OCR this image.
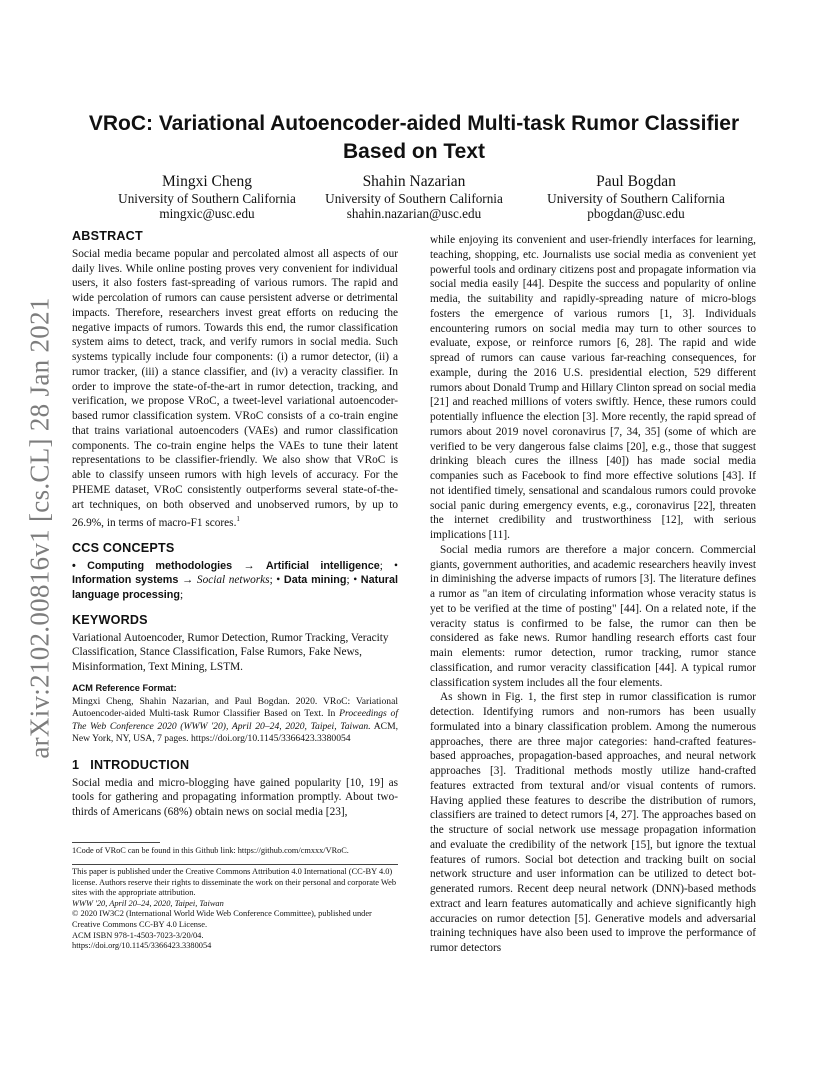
arXiv:2102.00816v1 [cs.CL] 28 Jan 2021
VRoC: Variational Autoencoder-aided Multi-task Rumor Classifier Based on Text
Mingxi Cheng
University of Southern California
mingxic@usc.edu
Shahin Nazarian
University of Southern California
shahin.nazarian@usc.edu
Paul Bogdan
University of Southern California
pbogdan@usc.edu
ABSTRACT

Social media became popular and percolated almost all aspects of our daily lives. While online posting proves very convenient for individual users, it also fosters fast-spreading of various rumors. The rapid and wide percolation of rumors can cause persistent adverse or detrimental impacts. Therefore, researchers invest great efforts on reducing the negative impacts of rumors. Towards this end, the rumor classification system aims to detect, track, and verify rumors in social media. Such systems typically include four components: (i) a rumor detector, (ii) a rumor tracker, (iii) a stance classifier, and (iv) a veracity classifier. In order to improve the state-of-the-art in rumor detection, tracking, and verification, we propose VRoC, a tweet-level variational autoencoder-based rumor classification system. VRoC consists of a co-train engine that trains variational autoencoders (VAEs) and rumor classification components. The co-train engine helps the VAEs to tune their latent representations to be classifier-friendly. We also show that VRoC is able to classify unseen rumors with high levels of accuracy. For the PHEME dataset, VRoC consistently outperforms several state-of-the-art techniques, on both observed and unobserved rumors, by up to 26.9%, in terms of macro-F1 scores.$^1$

CCS CONCEPTS

• Computing methodologies → Artificial intelligence; • Information systems → Social networks; • Data mining; • Natural language processing;

KEYWORDS

Variational Autoencoder, Rumor Detection, Rumor Tracking, Veracity Classification, Stance Classification, False Rumors, Fake News, Misinformation, Text Mining, LSTM.

ACM Reference Format:

Mingxi Cheng, Shahin Nazarian, and Paul Bogdan. 2020. VRoC: Variational Autoencoder-aided Multi-task Rumor Classifier Based on Text. In Proceedings of The Web Conference 2020 (WWW '20), April 20–24, 2020, Taipei, Taiwan. ACM, New York, NY, USA, 7 pages. https://doi.org/10.1145/3366423.3380054

1   INTRODUCTION

Social media and micro-blogging have gained popularity [10, 19] as tools for gathering and propagating information promptly. About two-thirds of Americans (68%) obtain news on social media [23],

1Code of VRoC can be found in this Github link: https://github.com/cmxxx/VRoC.
This paper is published under the Creative Commons Attribution 4.0 International (CC-BY 4.0) license. Authors reserve their rights to disseminate the work on their personal and corporate Web sites with the appropriate attribution.
WWW '20, April 20–24, 2020, Taipei, Taiwan
© 2020 IW3C2 (International World Wide Web Conference Committee), published under Creative Commons CC-BY 4.0 License.
ACM ISBN 978-1-4503-7023-3/20/04.
https://doi.org/10.1145/3366423.3380054

while enjoying its convenient and user-friendly interfaces for learning, teaching, shopping, etc. Journalists use social media as convenient yet powerful tools and ordinary citizens post and propagate information via social media easily [44]. Despite the success and popularity of online media, the suitability and rapidly-spreading nature of micro-blogs fosters the emergence of various rumors [1, 3]. Individuals encountering rumors on social media may turn to other sources to evaluate, expose, or reinforce rumors [6, 28]. The rapid and wide spread of rumors can cause various far-reaching consequences, for example, during the 2016 U.S. presidential election, 529 different rumors about Donald Trump and Hillary Clinton spread on social media [21] and reached millions of voters swiftly. Hence, these rumors could potentially influence the election [3]. More recently, the rapid spread of rumors about 2019 novel coronavirus [7, 34, 35] (some of which are verified to be very dangerous false claims [20], e.g., those that suggest drinking bleach cures the illness [40]) has made social media companies such as Facebook to find more effective solutions [43]. If not identified timely, sensational and scandalous rumors could provoke social panic during emergency events, e.g., coronavirus [22], threaten the internet credibility and trustworthiness [12], with serious implications [11].

Social media rumors are therefore a major concern. Commercial giants, government authorities, and academic researchers heavily invest in diminishing the adverse impacts of rumors [3]. The literature defines a rumor as "an item of circulating information whose veracity status is yet to be verified at the time of posting" [44]. On a related note, if the veracity status is confirmed to be false, the rumor can then be considered as fake news. Rumor handling research efforts cast four main elements: rumor detection, rumor tracking, rumor stance classification, and rumor veracity classification [44]. A typical rumor classification system includes all the four elements.

As shown in Fig. 1, the first step in rumor classification is rumor detection. Identifying rumors and non-rumors has been usually formulated into a binary classification problem. Among the numerous approaches, there are three major categories: hand-crafted features-based approaches, propagation-based approaches, and neural network approaches [3]. Traditional methods mostly utilize hand-crafted features extracted from textural and/or visual contents of rumors. Having applied these features to describe the distribution of rumors, classifiers are trained to detect rumors [4, 27]. The approaches based on the structure of social network use message propagation information and evaluate the credibility of the network [15], but ignore the textual features of rumors. Social bot detection and tracking built on social network structure and user information can be utilized to detect bot-generated rumors. Recent deep neural network (DNN)-based methods extract and learn features automatically and achieve significantly high accuracies on rumor detection [5]. Generative models and adversarial training techniques have also been used to improve the performance of rumor detectors
